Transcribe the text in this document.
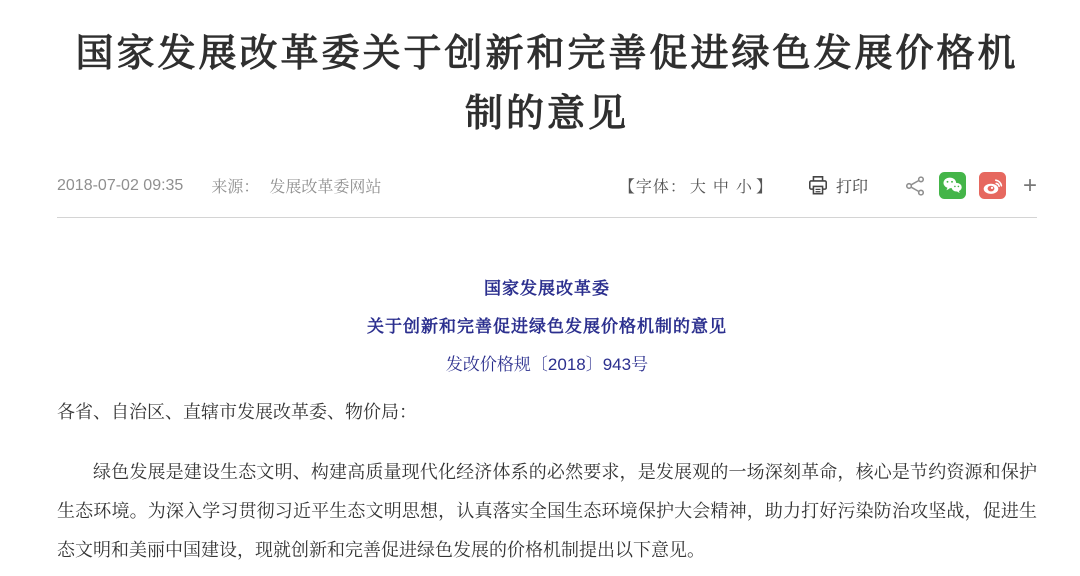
国家发展改革委关于创新和完善促进绿色发展价格机制的意见
2018-07-02 09:35 来源： 发展改革委网站	【字体： 大 中 小 】	打印	+

国家发展改革委

关于创新和完善促进绿色发展价格机制的意见

发改价格规〔2018〕943号

各省、自治区、直辖市发展改革委、物价局：

绿色发展是建设生态文明、构建高质量现代化经济体系的必然要求，是发展观的一场深刻革命，核心是节约资源和保护生态环境。为深入学习贯彻习近平生态文明思想，认真落实全国生态环境保护大会精神，助力打好污染防治攻坚战，促进生态文明和美丽中国建设，现就创新和完善促进绿色发展的价格机制提出以下意见。
